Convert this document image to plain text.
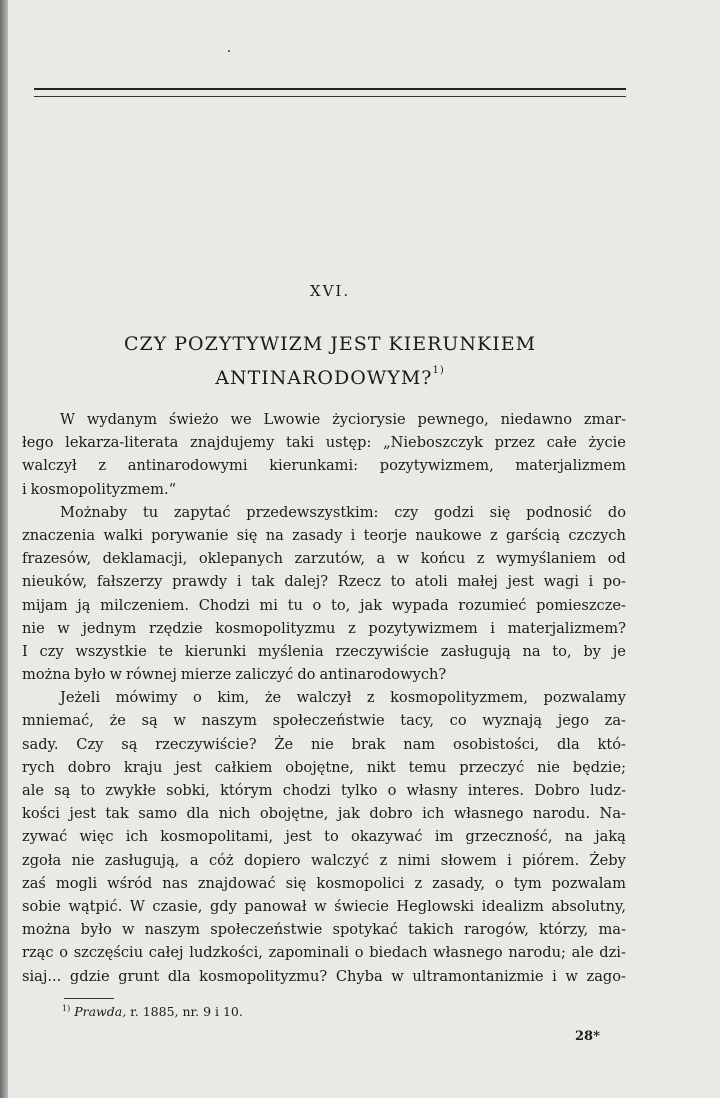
XVI.
CZY POZYTYWIZM JEST KIERUNKIEM
ANTINARODOWYM?$^{1)}$
W wydanym świeżo we Lwowie życiorysie pewnego, niedawno zmar-
łego lekarza-literata znajdujemy taki ustęp: „Nieboszczyk przez całe życie
walczył z antinarodowymi kierunkami: pozytywizmem, materjalizmem
i kosmopolityzmem.“
Możnaby tu zapytać przedewszystkim: czy godzi się podnosić do
znaczenia walki porywanie się na zasady i teorje naukowe z garścią czczych
frazesów, deklamacji, oklepanych zarzutów, a w końcu z wymyślaniem od
nieuków, fałszerzy prawdy i tak dalej? Rzecz to atoli małej jest wagi i po-
mijam ją milczeniem. Chodzi mi tu o to, jak wypada rozumieć pomieszcze-
nie w jednym rzędzie kosmopolityzmu z pozytywizmem i materjalizmem?
I czy wszystkie te kierunki myślenia rzeczywiście zasługują na to, by je
można było w równej mierze zaliczyć do antinarodowych?
Jeżeli mówimy o kim, że walczył z kosmopolityzmem, pozwalamy
mniemać, że są w naszym społeczeństwie tacy, co wyznają jego za-
sady. Czy są rzeczywiście? Że nie brak nam osobistości, dla któ-
rych dobro kraju jest całkiem obojętne, nikt temu przeczyć nie będzie;
ale są to zwykłe sobki, którym chodzi tylko o własny interes. Dobro ludz-
kości jest tak samo dla nich obojętne, jak dobro ich własnego narodu. Na-
zywać więc ich kosmopolitami, jest to okazywać im grzeczność, na jaką
zgoła nie zasługują, a cóż dopiero walczyć z nimi słowem i piórem. Żeby
zaś mogli wśród nas znajdować się kosmopolici z zasady, o tym pozwalam
sobie wątpić. W czasie, gdy panował w świecie Heglowski idealizm absolutny,
można było w naszym społeczeństwie spotykać takich rarogów, którzy, ma-
rząc o szczęściu całej ludzkości, zapominali o biedach własnego narodu; ale dzi-
siaj... gdzie grunt dla kosmopolityzmu? Chyba w ultramontanizmie i w zago-
$^{1)}$ Prawda, r. 1885, nr. 9 i 10.
28*
